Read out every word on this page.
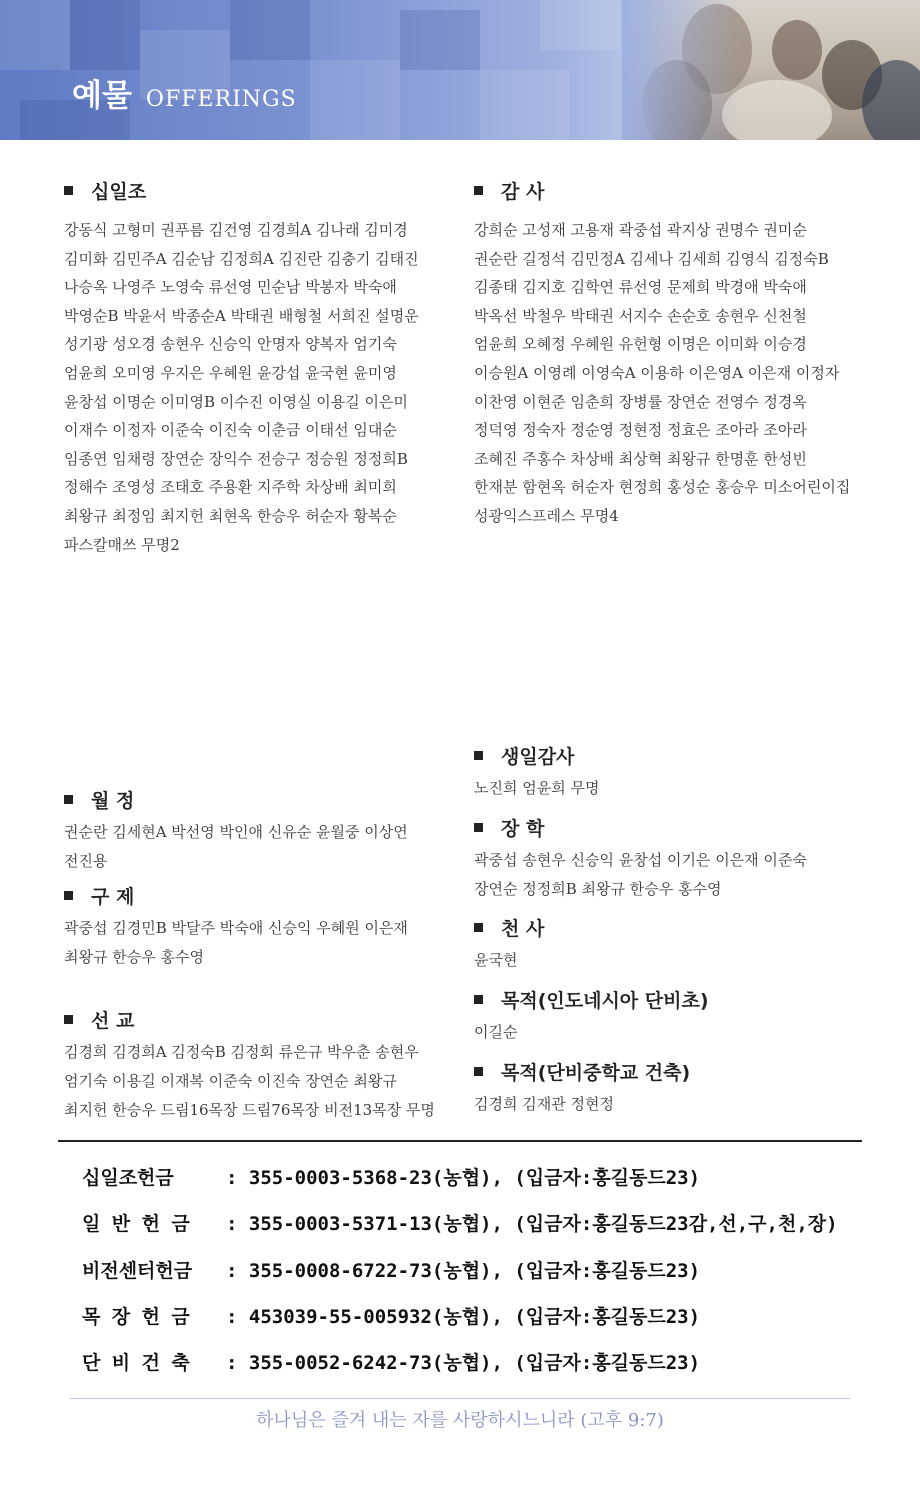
예물 OFFERINGS
십일조
강동식 고형미 권푸름 김건영 김경희A 김나래 김미경
김미화 김민주A 김순남 김정희A 김진란 김충기 김태진
나승옥 나영주 노영숙 류선영 민순남 박봉자 박숙애
박영순B 박윤서 박종순A 박태권 배형철 서희진 설명운
성기광 성오경 송현우 신승익 안명자 양복자 엄기숙
엄윤희 오미영 우지은 우혜원 윤강섭 윤국현 윤미영
윤창섭 이명순 이미영B 이수진 이영실 이용길 이은미
이재수 이정자 이준숙 이진숙 이춘금 이태선 임대순
임종연 임채령 장연순 장익수 전승구 정승원 정정희B
정해수 조영성 조태호 주용환 지주학 차상배 최미희
최왕규 최정임 최지헌 최현옥 한승우 허순자 황복순
파스칼매쓰 무명2
감 사
강희순 고성재 고용재 곽중섭 곽지상 권명수 권미순
권순란 길정석 김민정A 김세나 김세희 김영식 김정숙B
김종태 김지호 김학연 류선영 문제희 박경애 박숙애
박옥선 박철우 박태권 서지수 손순호 송현우 신천철
엄윤희 오혜정 우혜원 유헌형 이명은 이미화 이승경
이승원A 이영례 이영숙A 이용하 이은영A 이은재 이정자
이찬영 이현준 임춘희 장병률 장연순 전영수 정경옥
정덕영 정숙자 정순영 정현정 정효은 조아라 조아라
조혜진 주홍수 차상배 최상혁 최왕규 한명훈 한성빈
한재분 함현옥 허순자 현정희 홍성순 홍승우 미소어린이집
성광익스프레스 무명4
월 정
권순란 김세현A 박선영 박인애 신유순 윤월중 이상연
전진용
구 제
곽중섭 김경민B 박달주 박숙애 신승익 우혜원 이은재
최왕규 한승우 홍수영
선 교
김경희 김경희A 김정숙B 김정회 류은규 박우춘 송현우
엄기숙 이용길 이재복 이준숙 이진숙 장연순 최왕규
최지헌 한승우 드림16목장 드림76목장 비전13목장 무명
생일감사
노진희 엄윤희 무명
장 학
곽중섭 송현우 신승익 윤창섭 이기은 이은재 이준숙
장연순 정정희B 최왕규 한승우 홍수영
천 사
윤국현
목적(인도네시아 단비초)
이길순
목적(단비중학교 건축)
김경희 김재관 정현정
십일조헌금	: 355-0003-5368-23(농협), (입금자:홍길동드23)
일 반 헌 금 : 355-0003-5371-13(농협), (입금자:홍길동드23감,선,구,천,장)
비전센터헌금 : 355-0008-6722-73(농협), (입금자:홍길동드23)
목 장 헌 금 : 453039-55-005932(농협), (입금자:홍길동드23)
단 비 건 축 : 355-0052-6242-73(농협), (입금자:홍길동드23)
하나님은 즐겨 내는 자를 사랑하시느니라 (고후 9:7)
